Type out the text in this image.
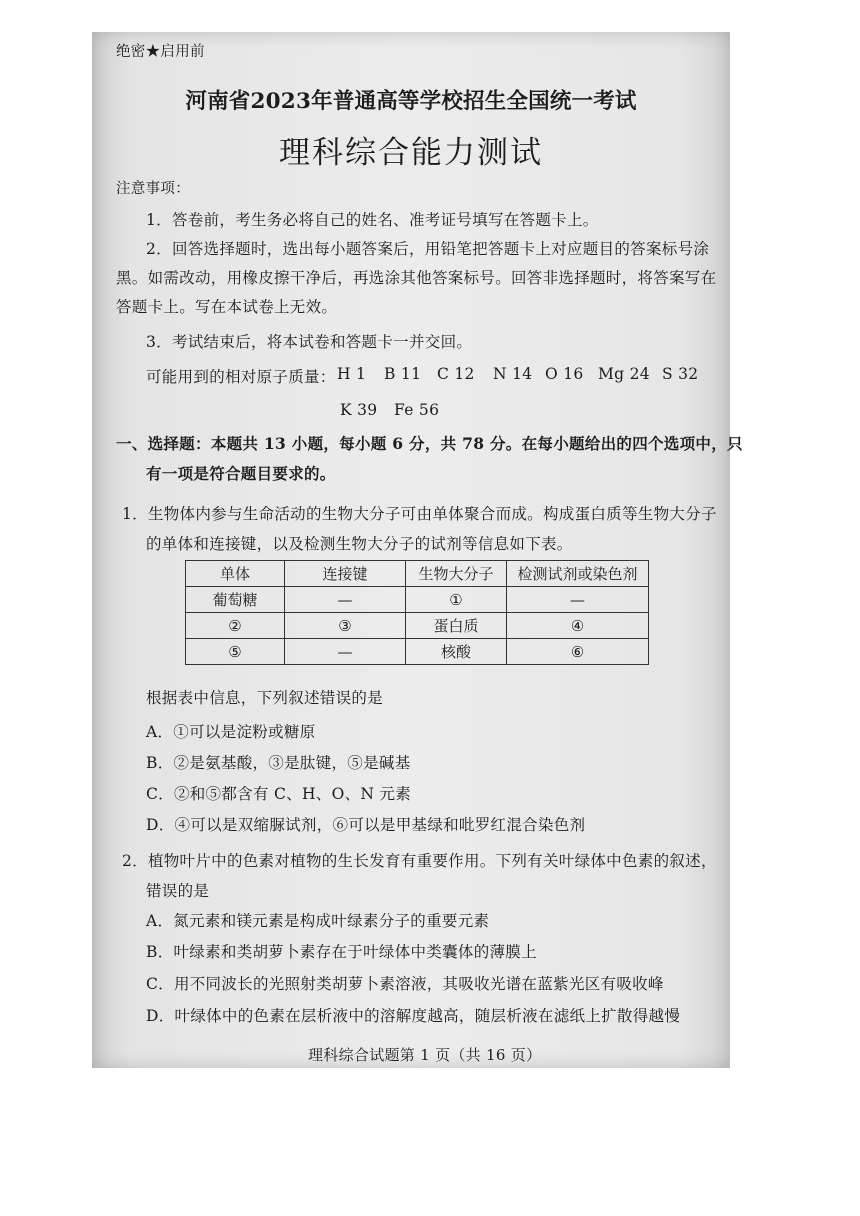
绝密★启用前
河南省2023年普通高等学校招生全国统一考试
理科综合能力测试
注意事项：
1．答卷前，考生务必将自己的姓名、准考证号填写在答题卡上。
2．回答选择题时，选出每小题答案后，用铅笔把答题卡上对应题目的答案标号涂
黑。如需改动，用橡皮擦干净后，再选涂其他答案标号。回答非选择题时，将答案写在
答题卡上。写在本试卷上无效。
3．考试结束后，将本试卷和答题卡一并交回。
可能用到的相对原子质量： H 1 B 11 C 12 N 14 O 16 Mg 24 S 32
K 39 Fe 56
一、选择题：本题共 13 小题，每小题 6 分，共 78 分。在每小题给出的四个选项中，只
有一项是符合题目要求的。
1．生物体内参与生命活动的生物大分子可由单体聚合而成。构成蛋白质等生物大分子
的单体和连接键，以及检测生物大分子的试剂等信息如下表。
单体	连接键	生物大分子	检测试剂或染色剂
葡萄糖	—	①	—
②	③	蛋白质	④
⑤	—	核酸	⑥
根据表中信息，下列叙述错误的是
A．①可以是淀粉或糖原
B．②是氨基酸，③是肽键，⑤是碱基
C．②和⑤都含有 C、H、O、N 元素
D．④可以是双缩脲试剂，⑥可以是甲基绿和吡罗红混合染色剂
2．植物叶片中的色素对植物的生长发育有重要作用。下列有关叶绿体中色素的叙述，
错误的是
A．氮元素和镁元素是构成叶绿素分子的重要元素
B．叶绿素和类胡萝卜素存在于叶绿体中类囊体的薄膜上
C．用不同波长的光照射类胡萝卜素溶液，其吸收光谱在蓝紫光区有吸收峰
D．叶绿体中的色素在层析液中的溶解度越高，随层析液在滤纸上扩散得越慢
理科综合试题第 1 页（共 16 页）
